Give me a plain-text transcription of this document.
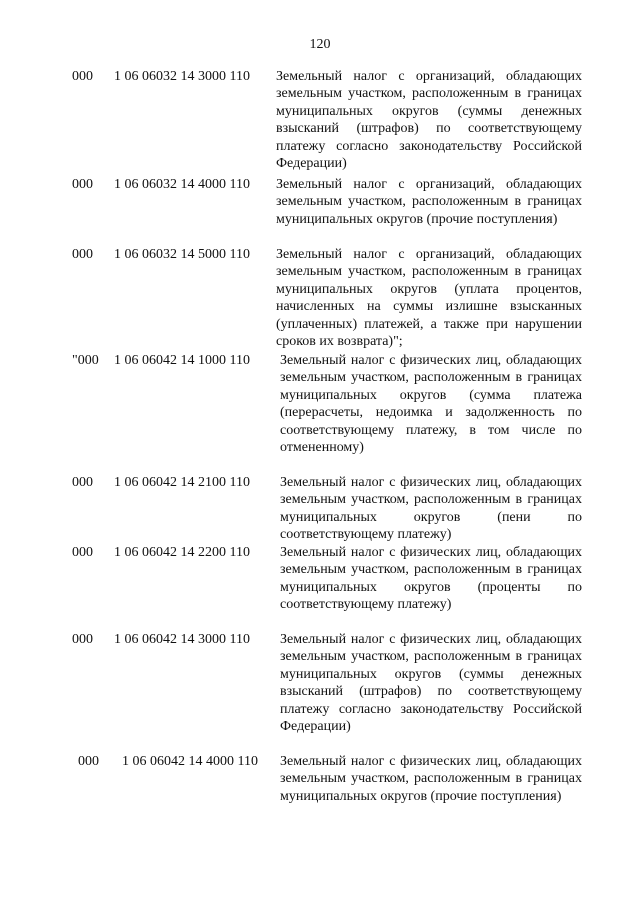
120
000	1 06 06032 14 3000 110	Земельный налог с организаций, обладающих земельным участком, расположенным в границах муниципальных округов (суммы денежных взысканий (штрафов) по соответствующему платежу согласно законодательству Российской Федерации)
000	1 06 06032 14 4000 110	Земельный налог с организаций, обладающих земельным участком, расположенным в границах муниципальных округов (прочие поступления)
000	1 06 06032 14 5000 110	Земельный налог с организаций, обладающих земельным участком, расположенным в границах муниципальных округов (уплата процентов, начисленных на суммы излишне взысканных (уплаченных) платежей, а также при нарушении сроков их возврата)";
"000	1 06 06042 14 1000 110	Земельный налог с физических лиц, обладающих земельным участком, расположенным в границах муниципальных округов (сумма платежа (перерасчеты, недоимка и задолженность по соответствующему платежу, в том числе по отмененному)
000	1 06 06042 14 2100 110	Земельный налог с физических лиц, обладающих земельным участком, расположенным в границах муниципальных округов (пени по соответствующему платежу)
000	1 06 06042 14 2200 110	Земельный налог с физических лиц, обладающих земельным участком, расположенным в границах муниципальных округов (проценты по соответствующему платежу)
000	1 06 06042 14 3000 110	Земельный налог с физических лиц, обладающих земельным участком, расположенным в границах муниципальных округов (суммы денежных взысканий (штрафов) по соответствующему платежу согласно законодательству Российской Федерации)
000	1 06 06042 14 4000 110	Земельный налог с физических лиц, обладающих земельным участком, расположенным в границах муниципальных округов (прочие поступления)
